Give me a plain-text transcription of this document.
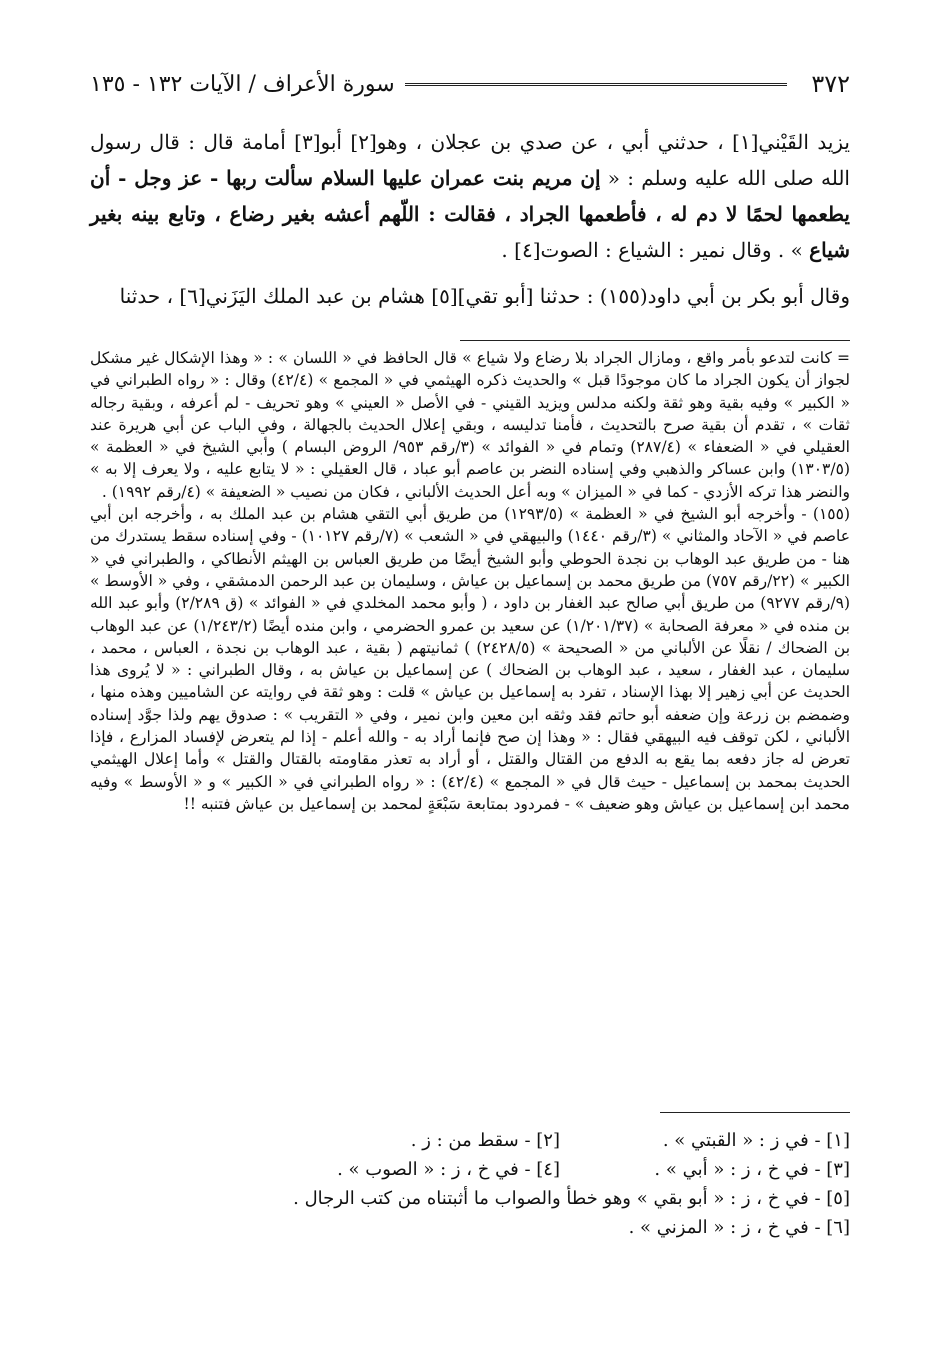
٣٧٢
سورة الأعراف / الآيات ١٣٢ - ١٣٥

يزيد القَيْني[١] ، حدثني أبي ، عن صدي بن عجلان ، وهو[٢] أبو[٣] أمامة قال : قال رسول الله صلى الله عليه وسلم : « إن مريم بنت عمران عليها السلام سألت ربها - عز وجل - أن يطعمها لحمًا لا دم له ، فأطعمها الجراد ، فقالت : اللّهم أعشه بغير رضاع ، وتابع بينه بغير شياع » . وقال نمير : الشياع : الصوت[٤] .

وقال أبو بكر بن أبي داود(١٥٥) : حدثنا [أبو تقي][٥] هشام بن عبد الملك اليَزَني[٦] ، حدثنا

= كانت لتدعو بأمر واقع ، ومازال الجراد بلا رضاع ولا شياع » قال الحافظ في « اللسان » : « وهذا الإشكال غير مشكل لجواز أن يكون الجراد ما كان موجودًا قبل » والحديث ذكره الهيثمي في « المجمع » (٤٢/٤) وقال : « رواه الطبراني في « الكبير » وفيه بقية وهو ثقة ولكنه مدلس ويزيد القيني - في الأصل « العيني » وهو تحريف - لم أعرفه ، وبقية رجاله ثقات » ، تقدم أن بقية صرح بالتحديث ، فأمنا تدليسه ، وبقي إعلال الحديث بالجهالة ، وفي الباب عن أبي هريرة عند العقيلي في « الضعفاء » (٢٨٧/٤) وتمام في « الفوائد » (٣/رقم ٩٥٣/ الروض البسام ) وأبي الشيخ في « العظمة » (١٣٠٣/٥) وابن عساكر والذهبي وفي إسناده النضر بن عاصم أبو عباد ، قال العقيلي : « لا يتابع عليه ، ولا يعرف إلا به » والنضر هذا تركه الأزدي - كما في « الميزان » وبه أعل الحديث الألباني ، فكان من نصيب « الضعيفة » (٤/رقم ١٩٩٢) .

(١٥٥) - وأخرجه أبو الشيخ في « العظمة » (١٢٩٣/٥) من طريق أبي التقي هشام بن عبد الملك به ، وأخرجه ابن أبي عاصم في « الآحاد والمثاني » (٣/رقم ١٤٤٠) والبيهقي في « الشعب » (٧/رقم ١٠١٢٧) - وفي إسناده سقط يستدرك من هنا - من طريق عبد الوهاب بن نجدة الحوطي وأبو الشيخ أيضًا من طريق العباس بن الهيثم الأنطاكي ، والطبراني في « الكبير » (٢٢/رقم ٧٥٧) من طريق محمد بن إسماعيل بن عياش ، وسليمان بن عبد الرحمن الدمشقي ، وفي « الأوسط » (٩/رقم ٩٢٧٧) من طريق أبي صالح عبد الغفار بن داود ، ( وأبو محمد المخلدي في « الفوائد » (ق ٢/٢٨٩) وأبو عبد الله بن منده في « معرفة الصحابة » (١/٢٠١/٣٧) عن سعيد بن عمرو الحضرمي ، وابن منده أيضًا (١/٢٤٣/٢) عن عبد الوهاب بن الضحاك / نقلًا عن الألباني من « الصحيحة » (٢٤٢٨/٥) ) ثمانيتهم ( بقية ، عبد الوهاب بن نجدة ، العباس ، محمد ، سليمان ، عبد الغفار ، سعيد ، عبد الوهاب بن الضحاك ) عن إسماعيل بن عياش به ، وقال الطبراني : « لا يُروى هذا الحديث عن أبي زهير إلا بهذا الإسناد ، تفرد به إسماعيل بن عياش » قلت : وهو ثقة في روايته عن الشاميين وهذه منها ، وضمضم بن زرعة وإن ضعفه أبو حاتم فقد وثقه ابن معين وابن نمير ، وفي « التقريب » : صدوق يهم ولذا جوَّد إسناده الألباني ، لكن توقف فيه البيهقي فقال : « وهذا إن صح فإنما أراد به - والله أعلم - إذا لم يتعرض لإفساد المزارع ، فإذا تعرض له جاز دفعه بما يقع به الدفع من القتال والقتل ، أو أراد به تعذر مقاومته بالقتال والقتل » وأما إعلال الهيثمي الحديث بمحمد بن إسماعيل - حيث قال في « المجمع » (٤٢/٤) : « رواه الطبراني في « الكبير » و « الأوسط » وفيه محمد ابن إسماعيل بن عياش وهو ضعيف » - فمردود بمتابعة سَبْعَةٍ لمحمد بن إسماعيل بن عياش فتنبه !!

[١] - في ز : « القبتي » .
[٢] - سقط من : ز .
[٣] - في خ ، ز : « أبي » .
[٤] - في خ ، ز : « الصوب » .
[٥] - في خ ، ز : « أبو بقي » وهو خطأ والصواب ما أثبتناه من كتب الرجال .
[٦] - في خ ، ز : « المزني » .
